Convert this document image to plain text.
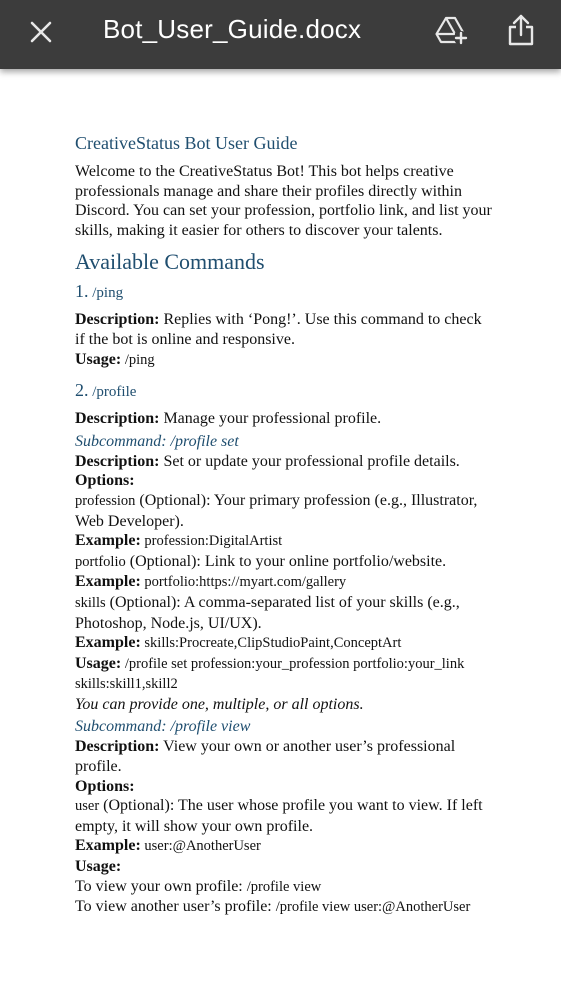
Bot_User_Guide.docx

CreativeStatus Bot User Guide

Welcome to the CreativeStatus Bot! This bot helps creative professionals manage and share their profiles directly within Discord. You can set your profession, portfolio link, and list your skills, making it easier for others to discover your talents.

Available Commands

1. /ping

Description: Replies with ‘Pong!’. Use this command to check if the bot is online and responsive.

Usage: /ping

2. /profile

Description: Manage your professional profile.

Subcommand: /profile set

Description: Set or update your professional profile details.

Options:

profession (Optional): Your primary profession (e.g., Illustrator, Web Developer).

Example: profession:DigitalArtist

portfolio (Optional): Link to your online portfolio/website.

Example: portfolio:https://myart.com/gallery

skills (Optional): A comma-separated list of your skills (e.g., Photoshop, Node.js, UI/UX).

Example: skills:Procreate,ClipStudioPaint,ConceptArt

Usage: /profile set profession:your_profession portfolio:your_link skills:skill1,skill2

You can provide one, multiple, or all options.

Subcommand: /profile view

Description: View your own or another user’s professional profile.

Options:

user (Optional): The user whose profile you want to view. If left empty, it will show your own profile.

Example: user:@AnotherUser

Usage:

To view your own profile: /profile view

To view another user’s profile: /profile view user:@AnotherUser
